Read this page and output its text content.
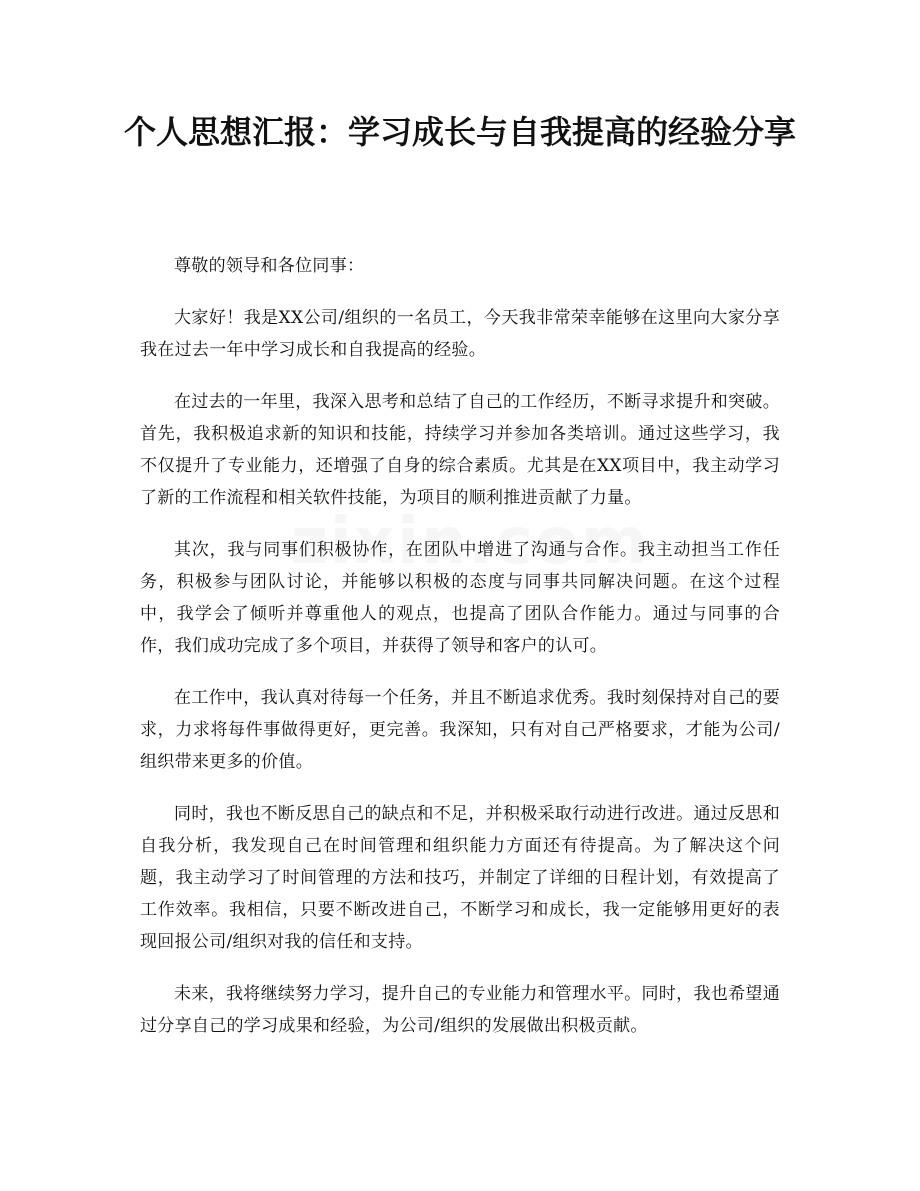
个人思想汇报：学习成长与自我提高的经验分享

尊敬的领导和各位同事：

大家好！我是XX公司/组织的一名员工，今天我非常荣幸能够在这里向大家分享我在过去一年中学习成长和自我提高的经验。

在过去的一年里，我深入思考和总结了自己的工作经历，不断寻求提升和突破。首先，我积极追求新的知识和技能，持续学习并参加各类培训。通过这些学习，我不仅提升了专业能力，还增强了自身的综合素质。尤其是在XX项目中，我主动学习了新的工作流程和相关软件技能，为项目的顺利推进贡献了力量。

其次，我与同事们积极协作，在团队中增进了沟通与合作。我主动担当工作任务，积极参与团队讨论，并能够以积极的态度与同事共同解决问题。在这个过程中，我学会了倾听并尊重他人的观点，也提高了团队合作能力。通过与同事的合作，我们成功完成了多个项目，并获得了领导和客户的认可。

在工作中，我认真对待每一个任务，并且不断追求优秀。我时刻保持对自己的要求，力求将每件事做得更好，更完善。我深知，只有对自己严格要求，才能为公司/组织带来更多的价值。

同时，我也不断反思自己的缺点和不足，并积极采取行动进行改进。通过反思和自我分析，我发现自己在时间管理和组织能力方面还有待提高。为了解决这个问题，我主动学习了时间管理的方法和技巧，并制定了详细的日程计划，有效提高了工作效率。我相信，只要不断改进自己，不断学习和成长，我一定能够用更好的表现回报公司/组织对我的信任和支持。

未来，我将继续努力学习，提升自己的专业能力和管理水平。同时，我也希望通过分享自己的学习成果和经验，为公司/组织的发展做出积极贡献。
